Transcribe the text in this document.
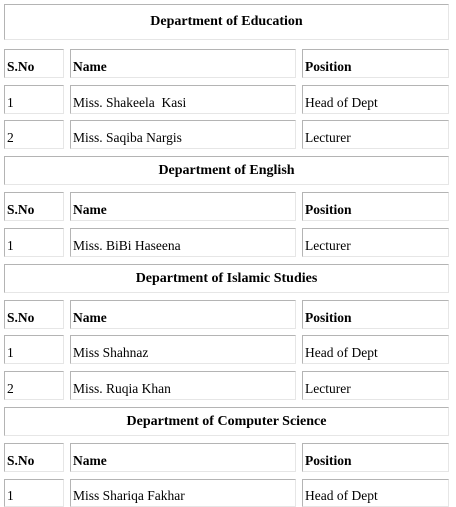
Department of Education
S.No	Name	Position
1	Miss. Shakeela  Kasi	Head of Dept
2	Miss. Saqiba Nargis	Lecturer
Department of English
S.No	Name	Position
1	Miss. BiBi Haseena	Lecturer
Department of Islamic Studies
S.No	Name	Position
1	Miss Shahnaz	Head of Dept
2	Miss. Ruqia Khan	Lecturer
Department of Computer Science
S.No	Name	Position
1	Miss Shariqa Fakhar	Head of Dept
